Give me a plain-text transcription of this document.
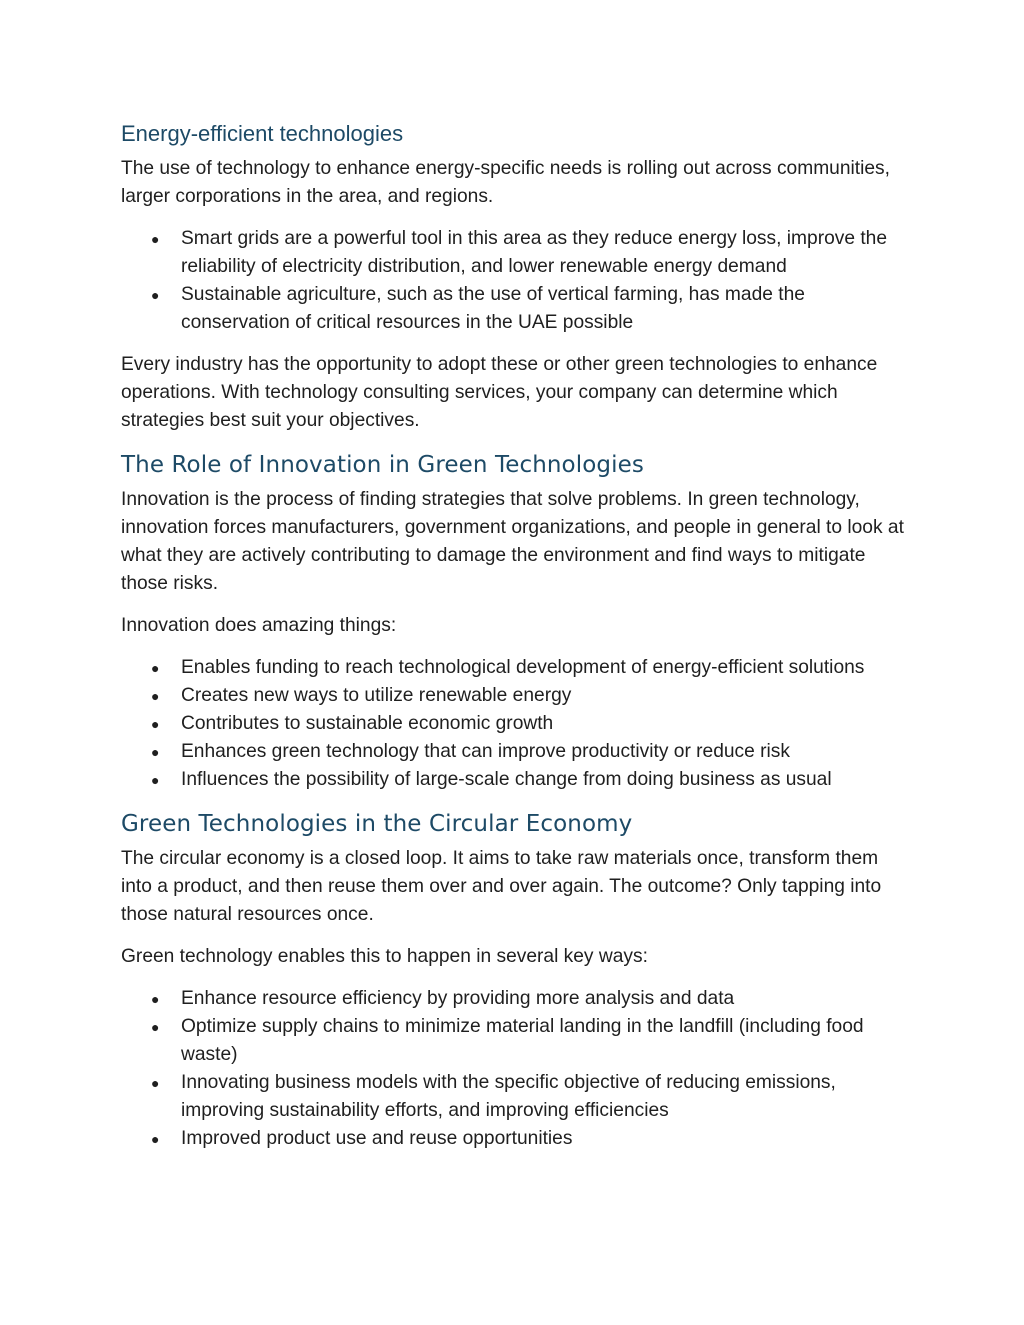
Energy-efficient technologies

The use of technology to enhance energy-specific needs is rolling out across communities, larger corporations in the area, and regions.

● Smart grids are a powerful tool in this area as they reduce energy loss, improve the reliability of electricity distribution, and lower renewable energy demand
● Sustainable agriculture, such as the use of vertical farming, has made the conservation of critical resources in the UAE possible

Every industry has the opportunity to adopt these or other green technologies to enhance operations. With technology consulting services, your company can determine which strategies best suit your objectives.

The Role of Innovation in Green Technologies

Innovation is the process of finding strategies that solve problems. In green technology, innovation forces manufacturers, government organizations, and people in general to look at what they are actively contributing to damage the environment and find ways to mitigate those risks.

Innovation does amazing things:

● Enables funding to reach technological development of energy-efficient solutions
● Creates new ways to utilize renewable energy
● Contributes to sustainable economic growth
● Enhances green technology that can improve productivity or reduce risk
● Influences the possibility of large-scale change from doing business as usual
Green Technologies in the Circular Economy

The circular economy is a closed loop. It aims to take raw materials once, transform them into a product, and then reuse them over and over again. The outcome? Only tapping into those natural resources once.

Green technology enables this to happen in several key ways:

● Enhance resource efficiency by providing more analysis and data
● Optimize supply chains to minimize material landing in the landfill (including food waste)
● Innovating business models with the specific objective of reducing emissions, improving sustainability efforts, and improving efficiencies
● Improved product use and reuse opportunities
